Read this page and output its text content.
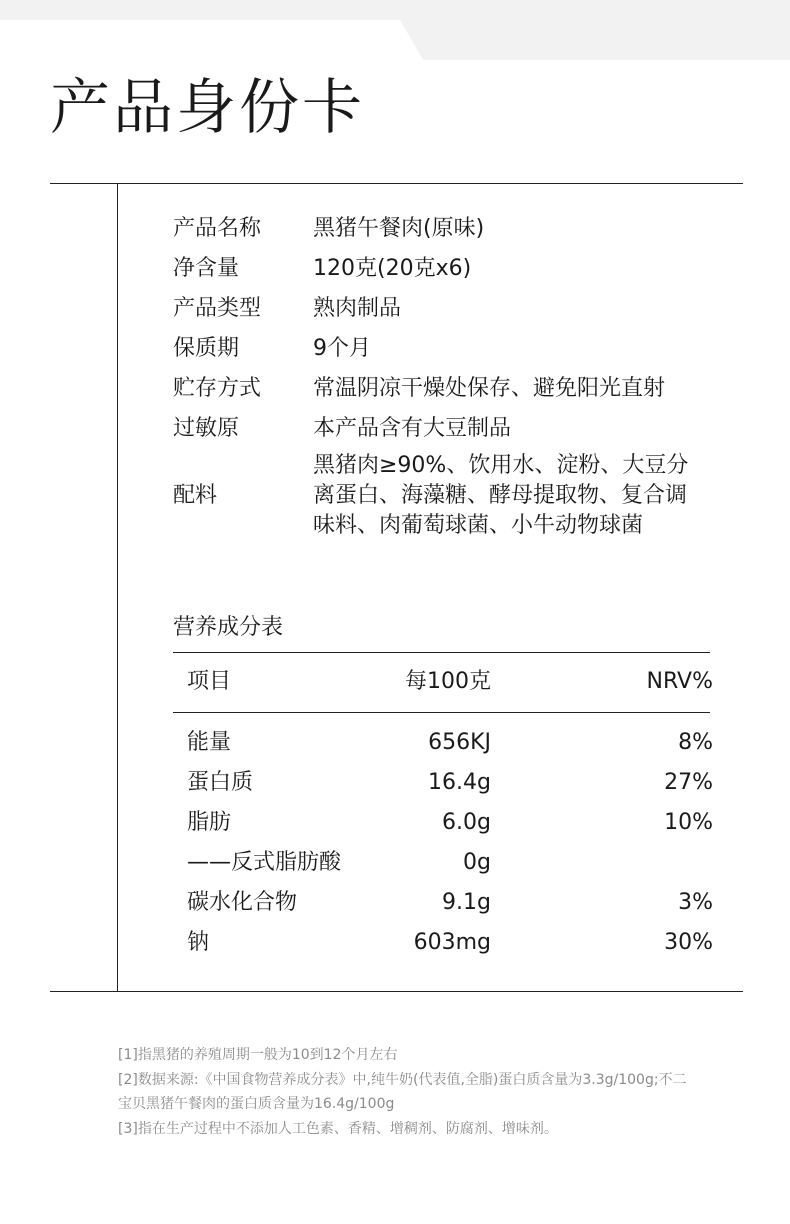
产品身份卡
产品名称	黑猪午餐肉(原味)
净含量	120克(20克x6)
产品类型	熟肉制品
保质期	9个月
贮存方式	常温阴凉干燥处保存、避免阳光直射
过敏原	本产品含有大豆制品
配料	黑猪肉≥90%、饮用水、淀粉、大豆分
离蛋白、海藻糖、酵母提取物、复合调
味料、肉葡萄球菌、小牛动物球菌
营养成分表
项目	每100克	NRV%
能量	656KJ	8%
蛋白质	16.4g	27%
脂肪	6.0g	10%
——反式脂肪酸	0g
碳水化合物	9.1g	3%
钠	603mg	30%

[1]指黑猪的养殖周期一般为10到12个月左右

[2]数据来源:《中国食物营养成分表》中,纯牛奶(代表值,全脂)蛋白质含量为3.3g/100g;不二

宝贝黑猪午餐肉的蛋白质含量为16.4g/100g

[3]指在生产过程中不添加人工色素、香精、增稠剂、防腐剂、增味剂。
